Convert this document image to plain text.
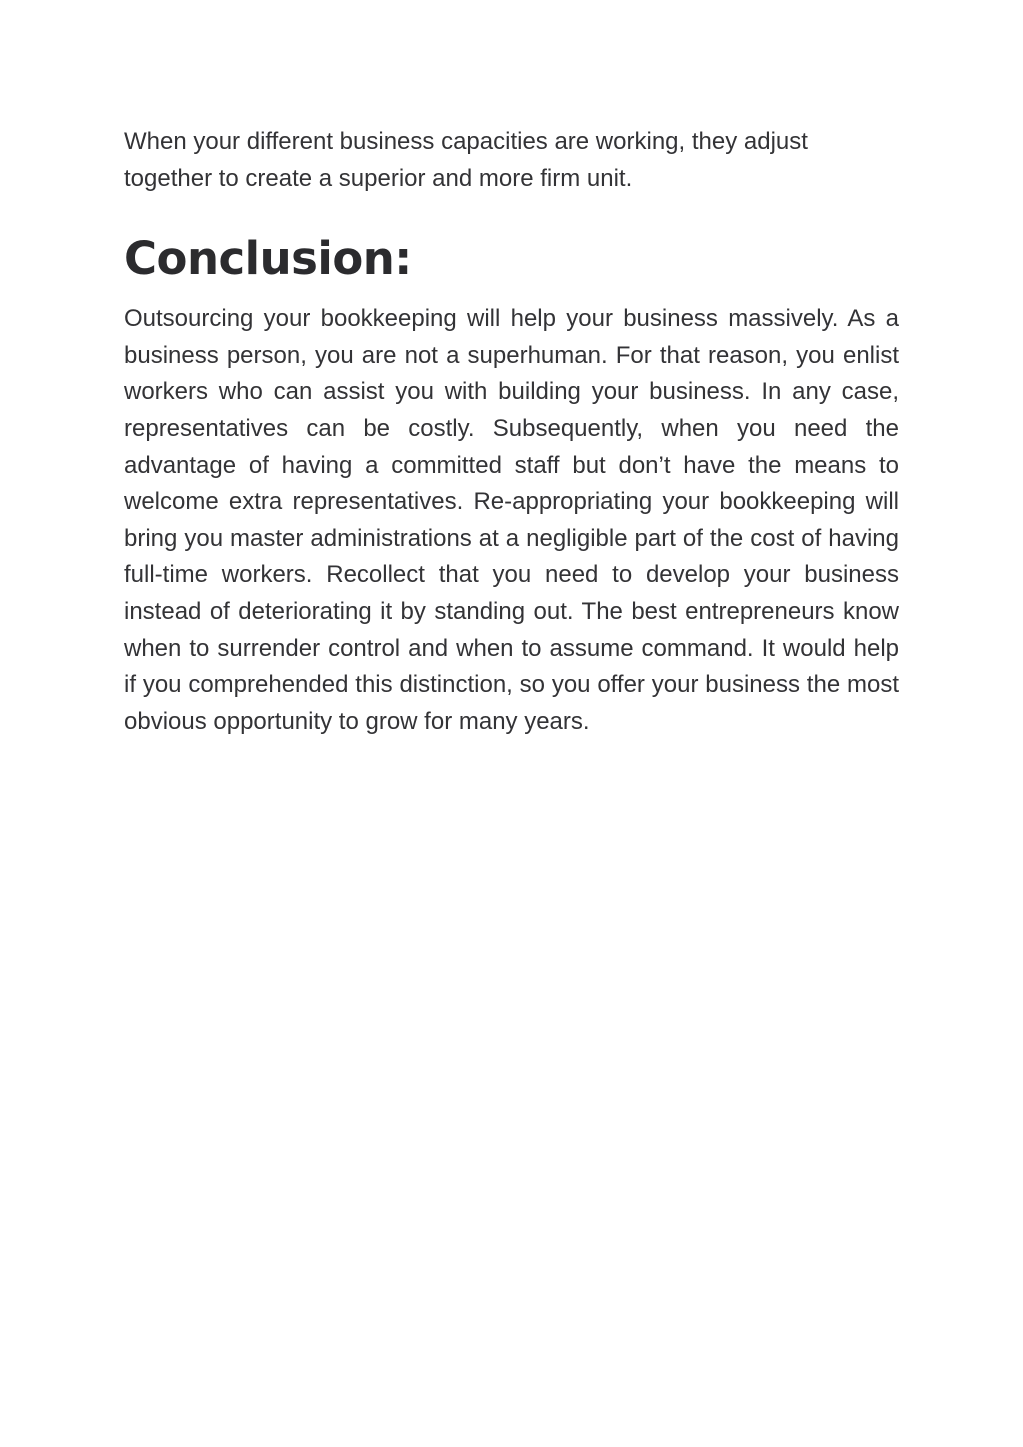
When your different business capacities are working, they adjust together to create a superior and more firm unit.

Conclusion:

Outsourcing your bookkeeping will help your business massively. As a business person, you are not a superhuman. For that reason, you enlist workers who can assist you with building your business. In any case, representatives can be costly. Subsequently, when you need the advantage of having a committed staff but don’t have the means to welcome extra representatives. Re-appropriating your bookkeeping will bring you master administrations at a negligible part of the cost of having full-time workers. Recollect that you need to develop your business instead of deteriorating it by standing out. The best entrepreneurs know when to surrender control and when to assume command. It would help if you comprehended this distinction, so you offer your business the most obvious opportunity to grow for many years.
